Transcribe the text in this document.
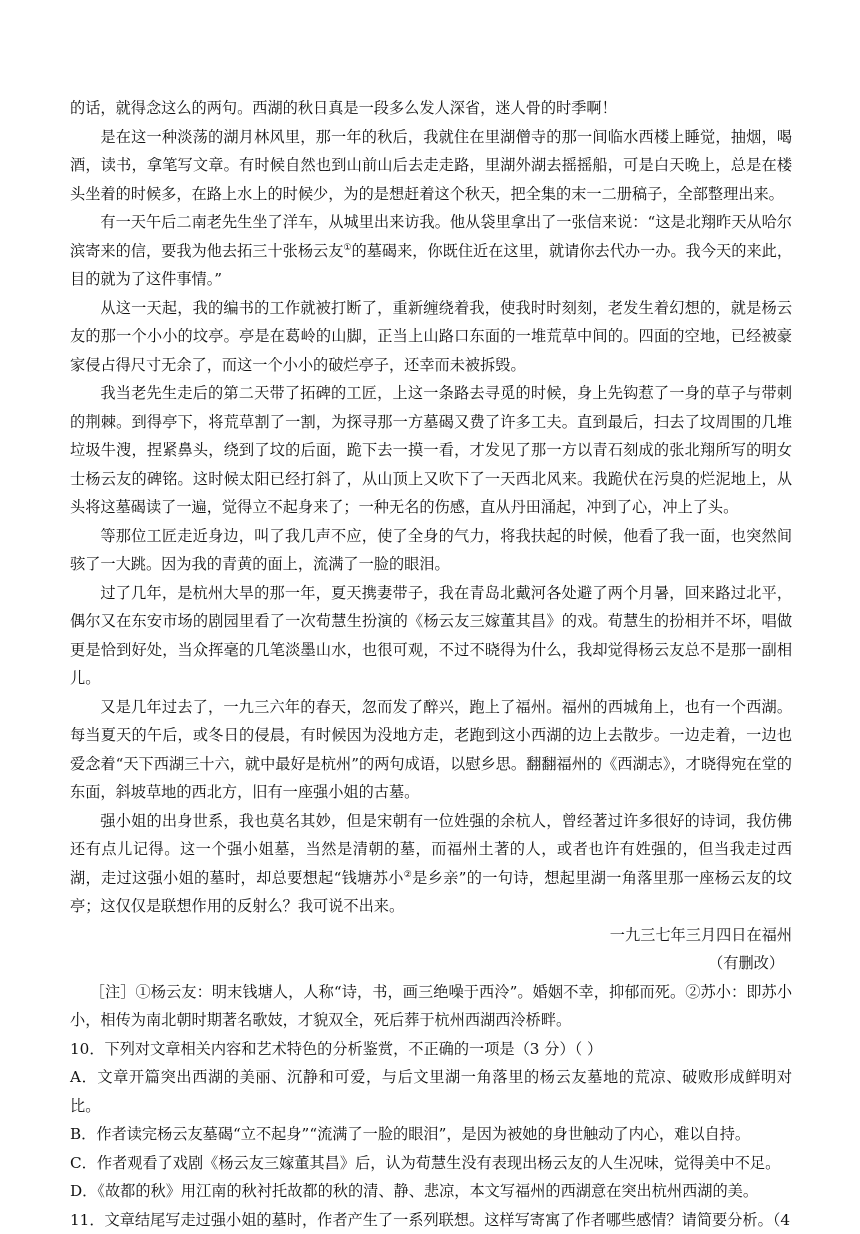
的话，就得念这么的两句。西湖的秋日真是一段多么发人深省，迷人骨的时季啊！

是在这一种淡荡的湖月林风里，那一年的秋后，我就住在里湖僧寺的那一间临水西楼上睡觉，抽烟，喝酒，读书，拿笔写文章。有时候自然也到山前山后去走走路，里湖外湖去摇摇船，可是白天晚上，总是在楼头坐着的时候多，在路上水上的时候少，为的是想赶着这个秋天，把全集的末一二册稿子，全部整理出来。

有一天午后二南老先生坐了洋车，从城里出来访我。他从袋里拿出了一张信来说：“这是北翔昨天从哈尔滨寄来的信，要我为他去拓三十张杨云友①的墓碣来，你既住近在这里，就请你去代办一办。我今天的来此，目的就为了这件事情。”

从这一天起，我的编书的工作就被打断了，重新缠绕着我，使我时时刻刻，老发生着幻想的，就是杨云友的那一个小小的坟亭。亭是在葛岭的山脚，正当上山路口东面的一堆荒草中间的。四面的空地，已经被豪家侵占得尺寸无余了，而这一个小小的破烂亭子，还幸而未被拆毁。

我当老先生走后的第二天带了拓碑的工匠，上这一条路去寻觅的时候，身上先钩惹了一身的草子与带刺的荆棘。到得亭下，将荒草割了一割，为探寻那一方墓碣又费了许多工夫。直到最后，扫去了坟周围的几堆垃圾牛溲，捏紧鼻头，绕到了坟的后面，跪下去一摸一看，才发见了那一方以青石刻成的张北翔所写的明女士杨云友的碑铭。这时候太阳已经打斜了，从山顶上又吹下了一天西北风来。我跪伏在污臭的烂泥地上，从头将这墓碣读了一遍，觉得立不起身来了；一种无名的伤感，直从丹田涌起，冲到了心，冲上了头。

等那位工匠走近身边，叫了我几声不应，使了全身的气力，将我扶起的时候，他看了我一面，也突然间骇了一大跳。因为我的青黄的面上，流满了一脸的眼泪。

过了几年，是杭州大旱的那一年，夏天携妻带子，我在青岛北戴河各处避了两个月暑，回来路过北平，偶尔又在东安市场的剧园里看了一次荀慧生扮演的《杨云友三嫁董其昌》的戏。荀慧生的扮相并不坏，唱做更是恰到好处，当众挥毫的几笔淡墨山水，也很可观，不过不晓得为什么，我却觉得杨云友总不是那一副相儿。

又是几年过去了，一九三六年的春天，忽而发了醉兴，跑上了福州。福州的西城角上，也有一个西湖。每当夏天的午后，或冬日的侵晨，有时候因为没地方走，老跑到这小西湖的边上去散步。一边走着，一边也爱念着“天下西湖三十六，就中最好是杭州”的两句成语，以慰乡思。翻翻福州的《西湖志》，才晓得宛在堂的东面，斜坡草地的西北方，旧有一座强小姐的古墓。

强小姐的出身世系，我也莫名其妙，但是宋朝有一位姓强的余杭人，曾经著过许多很好的诗词，我仿佛还有点儿记得。这一个强小姐墓，当然是清朝的墓，而福州土著的人，或者也许有姓强的，但当我走过西湖，走过这强小姐的墓时，却总要想起“钱塘苏小②是乡亲”的一句诗，想起里湖一角落里那一座杨云友的坟亭；这仅仅是联想作用的反射么？我可说不出来。

一九三七年三月四日在福州

（有删改）

［注］①杨云友：明末钱塘人，人称“诗，书，画三绝噪于西泠”。婚姻不幸，抑郁而死。②苏小：即苏小小，相传为南北朝时期著名歌妓，才貌双全，死后葬于杭州西湖西泠桥畔。

10．下列对文章相关内容和艺术特色的分析鉴赏，不正确的一项是（3 分）（ ）

A．文章开篇突出西湖的美丽、沉静和可爱，与后文里湖一角落里的杨云友墓地的荒凉、破败形成鲜明对比。

B．作者读完杨云友墓碣“立不起身”“流满了一脸的眼泪”，是因为被她的身世触动了内心，难以自持。

C．作者观看了戏剧《杨云友三嫁董其昌》后，认为荀慧生没有表现出杨云友的人生况味，觉得美中不足。

D．《故都的秋》用江南的秋衬托故都的秋的清、静、悲凉，本文写福州的西湖意在突出杭州西湖的美。

11．文章结尾写走过强小姐的墓时，作者产生了一系列联想。这样写寄寓了作者哪些感情？请简要分析。（4
